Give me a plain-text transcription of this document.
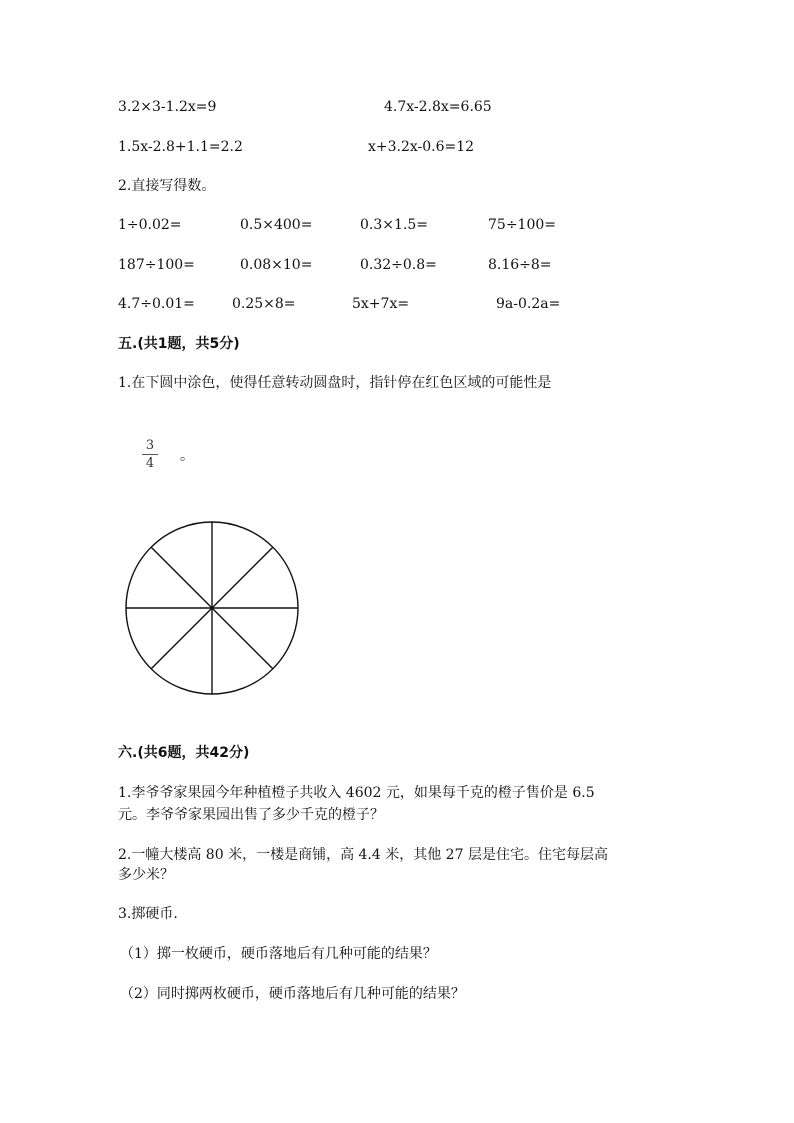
3.2×3-1.2x=9	4.7x-2.8x=6.65
1.5x-2.8+1.1=2.2	x+3.2x-0.6=12
2.直接写得数。
1÷0.02=	0.5×400=	0.3×1.5=	75÷100=
187÷100=	0.08×10=	0.32÷0.8=	8.16÷8=
4.7÷0.01=	0.25×8=	5x+7x=	9a-0.2a=
五.(共1题，共5分)
1.在下圆中涂色，使得任意转动圆盘时，指针停在红色区域的可能性是
3
4 。
六.(共6题，共42分)
1.李爷爷家果园今年种植橙子共收入 4602 元，如果每千克的橙子售价是 6.5
元。李爷爷家果园出售了多少千克的橙子？
2.一幢大楼高 80 米，一楼是商铺，高 4.4 米，其他 27 层是住宅。住宅每层高
多少米？
3.掷硬币.
（1）掷一枚硬币，硬币落地后有几种可能的结果？
（2）同时掷两枚硬币，硬币落地后有几种可能的结果？
